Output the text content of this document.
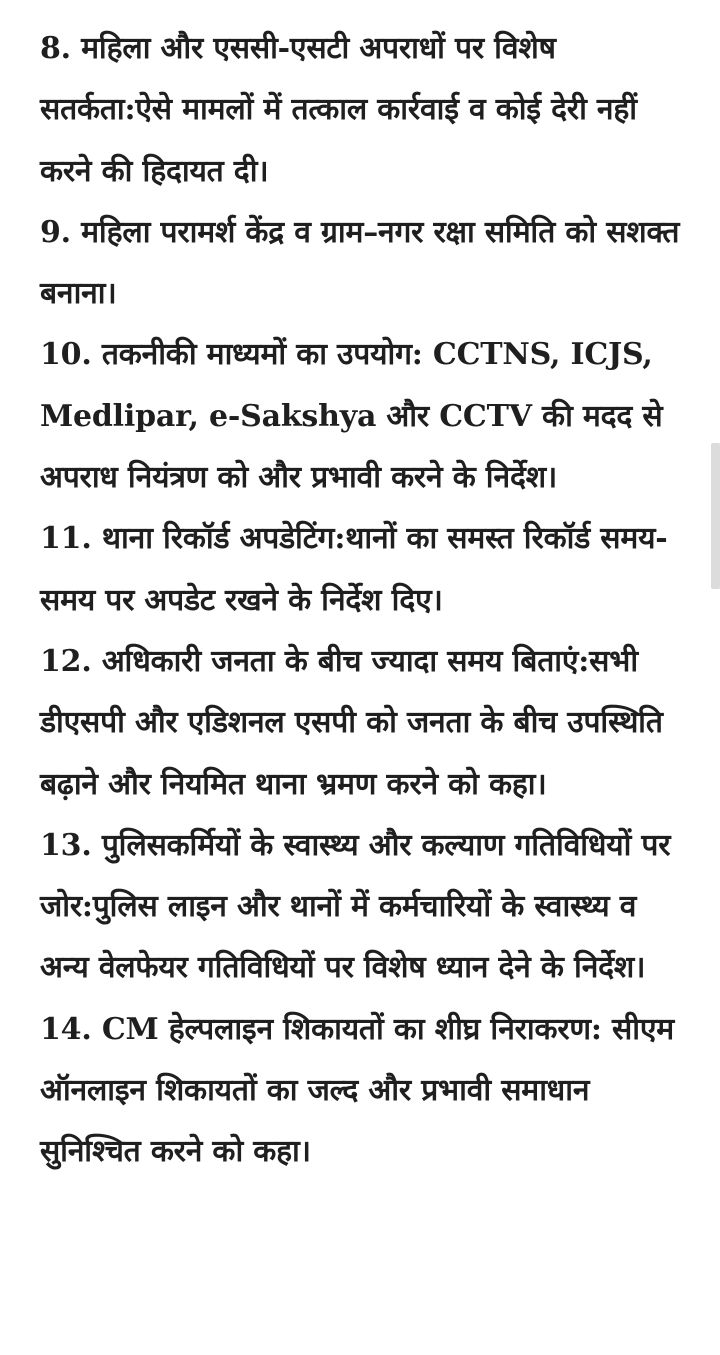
8. महिला और एससी-एसटी अपराधों पर विशेष सतर्कता:ऐसे मामलों में तत्काल कार्रवाई व कोई देरी नहीं करने की हिदायत दी।

9. महिला परामर्श केंद्र व ग्राम–नगर रक्षा समिति को सशक्त बनाना।

10. तकनीकी माध्यमों का उपयोग: CCTNS, ICJS, Medlipar, e-Sakshya और CCTV की मदद से अपराध नियंत्रण को और प्रभावी करने के निर्देश।

11. थाना रिकॉर्ड अपडेटिंग:थानों का समस्त रिकॉर्ड समय-समय पर अपडेट रखने के निर्देश दिए।

12. अधिकारी जनता के बीच ज्यादा समय बिताएं:सभी डीएसपी और एडिशनल एसपी को जनता के बीच उपस्थिति बढ़ाने और नियमित थाना भ्रमण करने को कहा।

13. पुलिसकर्मियों के स्वास्थ्य और कल्याण गतिविधियों पर जोर:पुलिस लाइन और थानों में कर्मचारियों के स्वास्थ्य व अन्य वेलफेयर गतिविधियों पर विशेष ध्यान देने के निर्देश।

14. CM हेल्पलाइन शिकायतों का शीघ्र निराकरण: सीएम ऑनलाइन शिकायतों का जल्द और प्रभावी समाधान सुनिश्चित करने को कहा।
